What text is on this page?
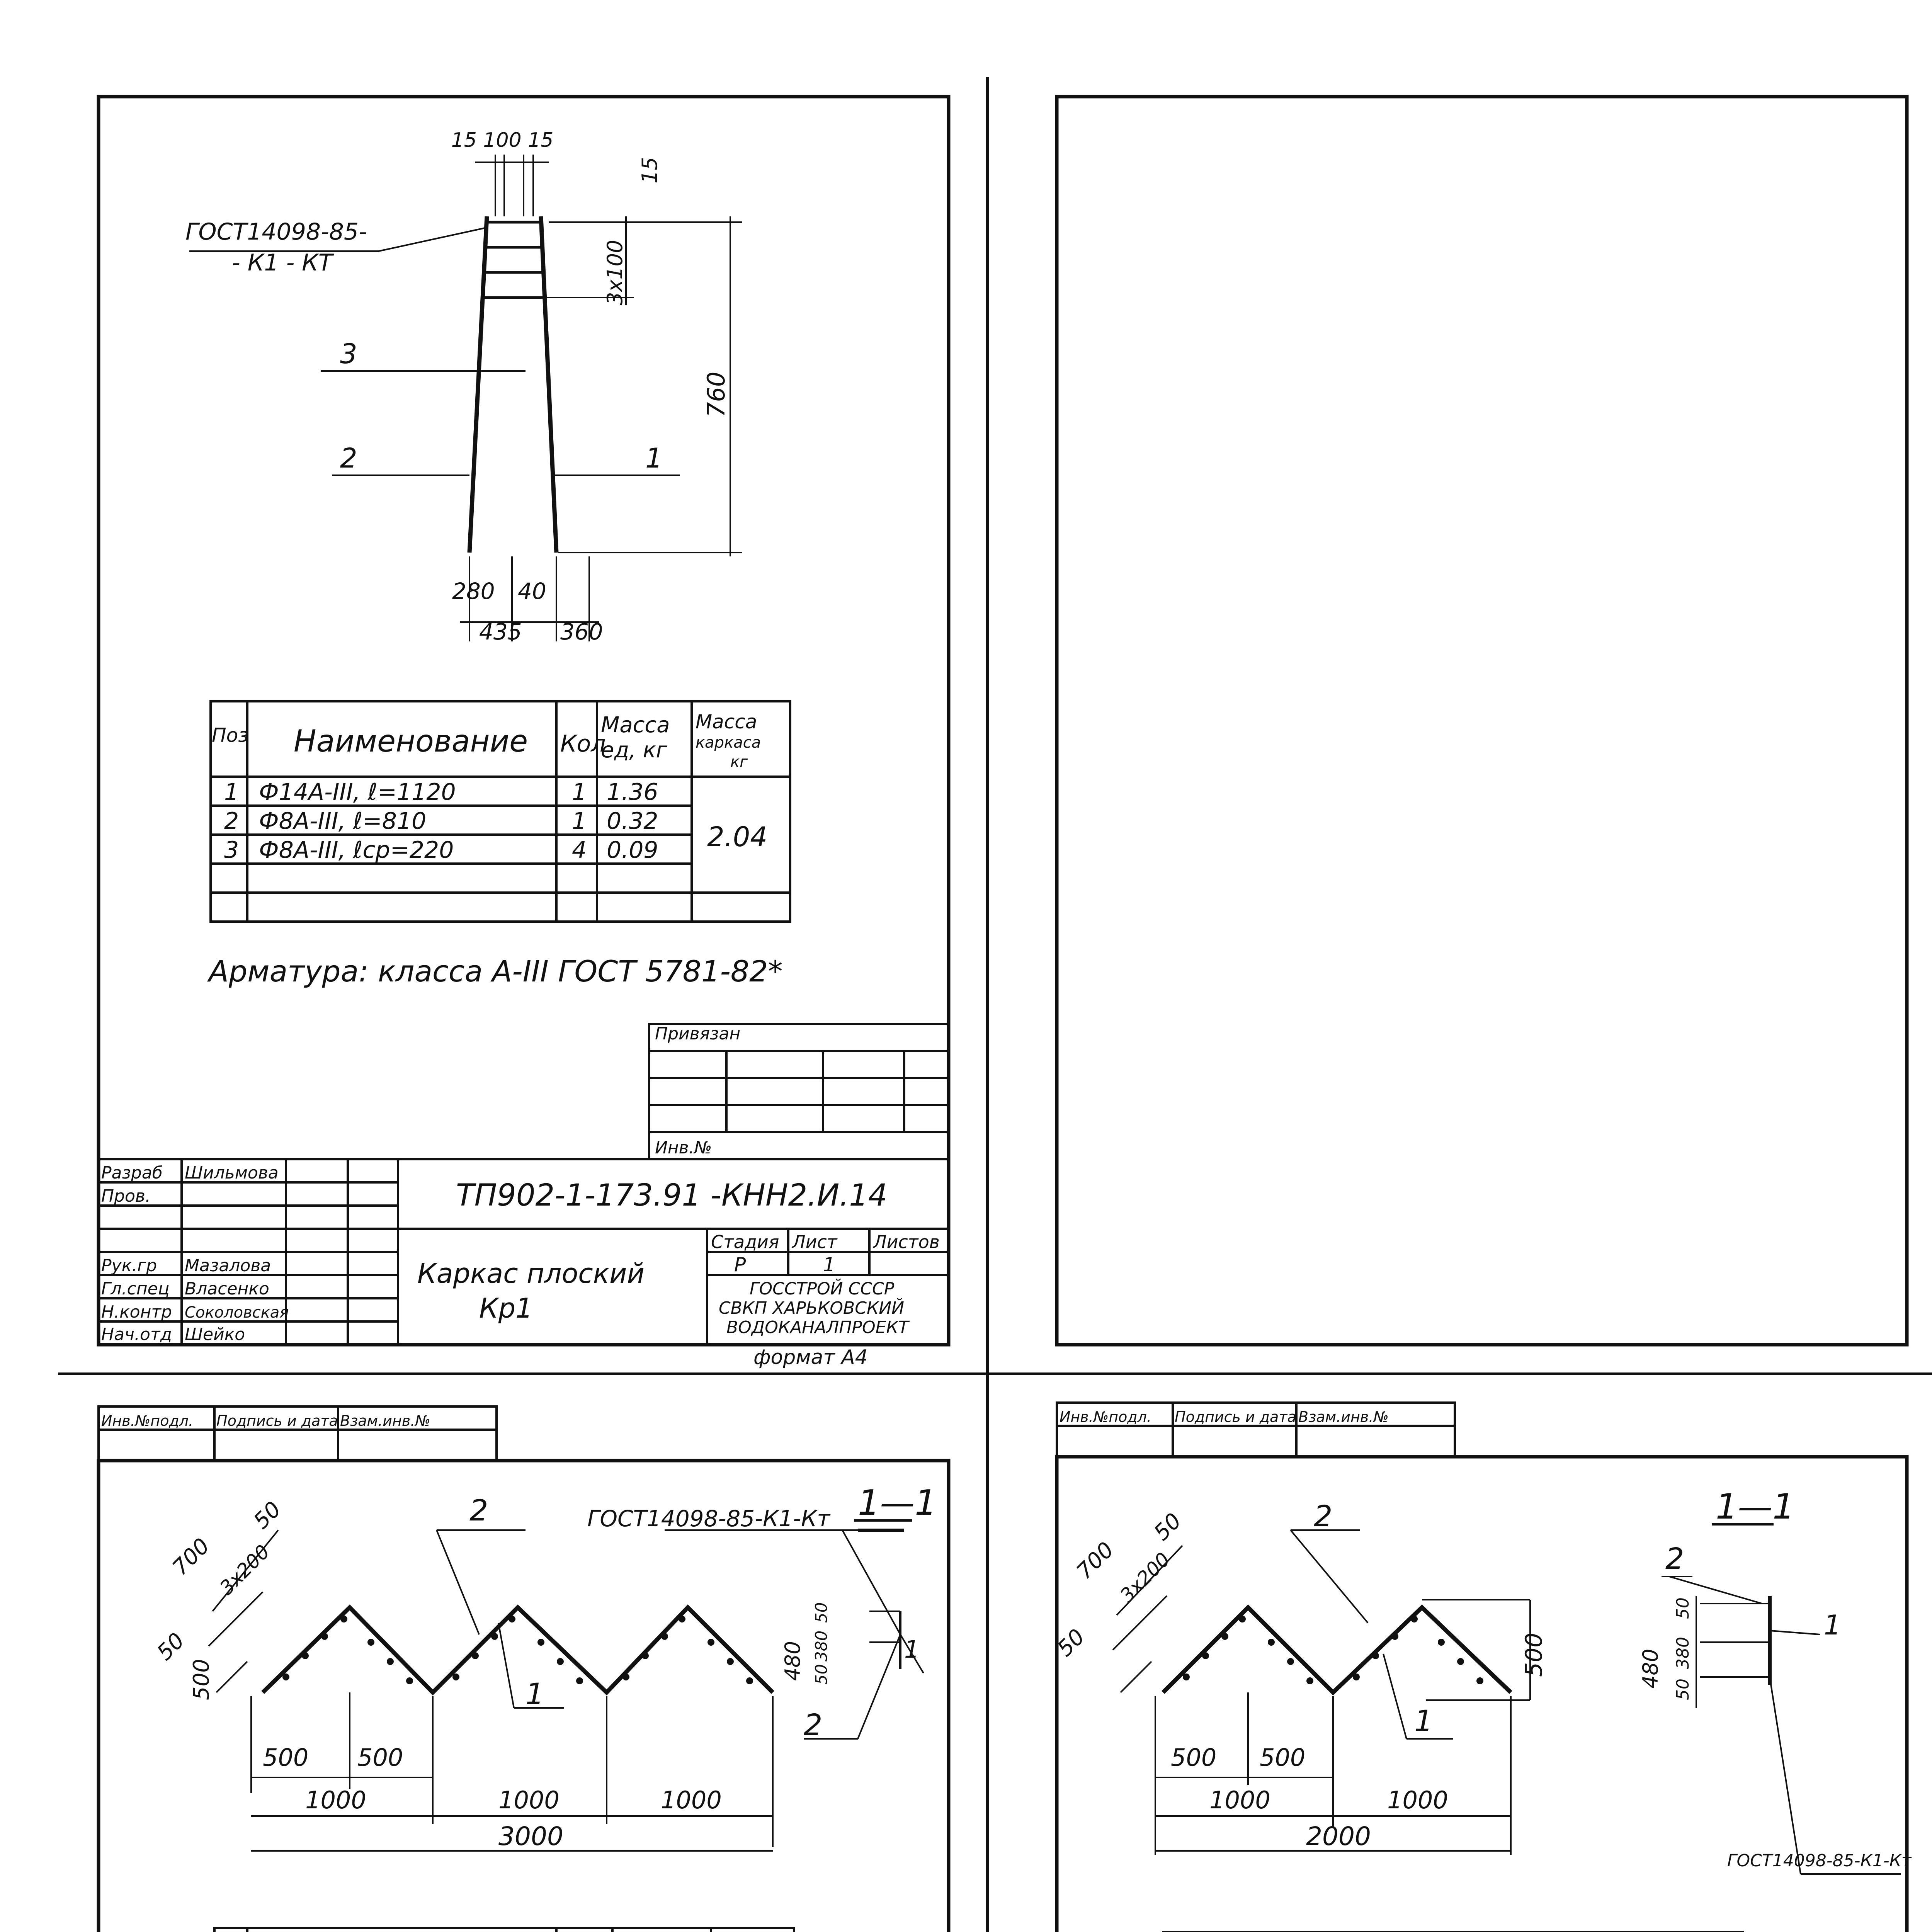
15 100 15
ГОСТ14098-85-
- К1 - КТ
15
3х100
760
3
2	1
280 40
435 360
Поз Наименование Кол
Масса
ед, кг
Масса
каркаса
кг
1 Ф14А-III, ℓ=1120	1 1.36
2 Ф8А-III, ℓ=810	1 0.32
3 Ф8А-III, ℓср=220	4 0.09 2.04
Арматура: класса А-III ГОСТ 5781-82*
Привязан
Инв.№
ТП902-1-173.91 -КНН2.И.14
Каркас плоский
Кр1
Стадия Лист Листов
Р	1
ГОССТРОЙ СССР
СВКП ХАРЬКОВСКИЙ
ВОДОКАНАЛПРОЕКТ
формат А4
Разраб Шильмова
Пров.
Рук.гр Мазалова
Гл.спец Власенко
Н.контр Соколовская
Нач.отд Шейко
Инв.№подл. Подпись и дата Взам.инв.№
1—1
ГОСТ14098-85-К1-Кт
700
50
3х200
50
500	480 50
380
50
2
1
2
1
500 500
1000	1000	1000
3000
Инв.№подл. Подпись и дата Взам.инв.№
1—1
2
2
1
1
700
50
3х200
50	500	480
50
380
50
ГОСТ14098-85-К1-Кт
500 500
1000	1000
2000
